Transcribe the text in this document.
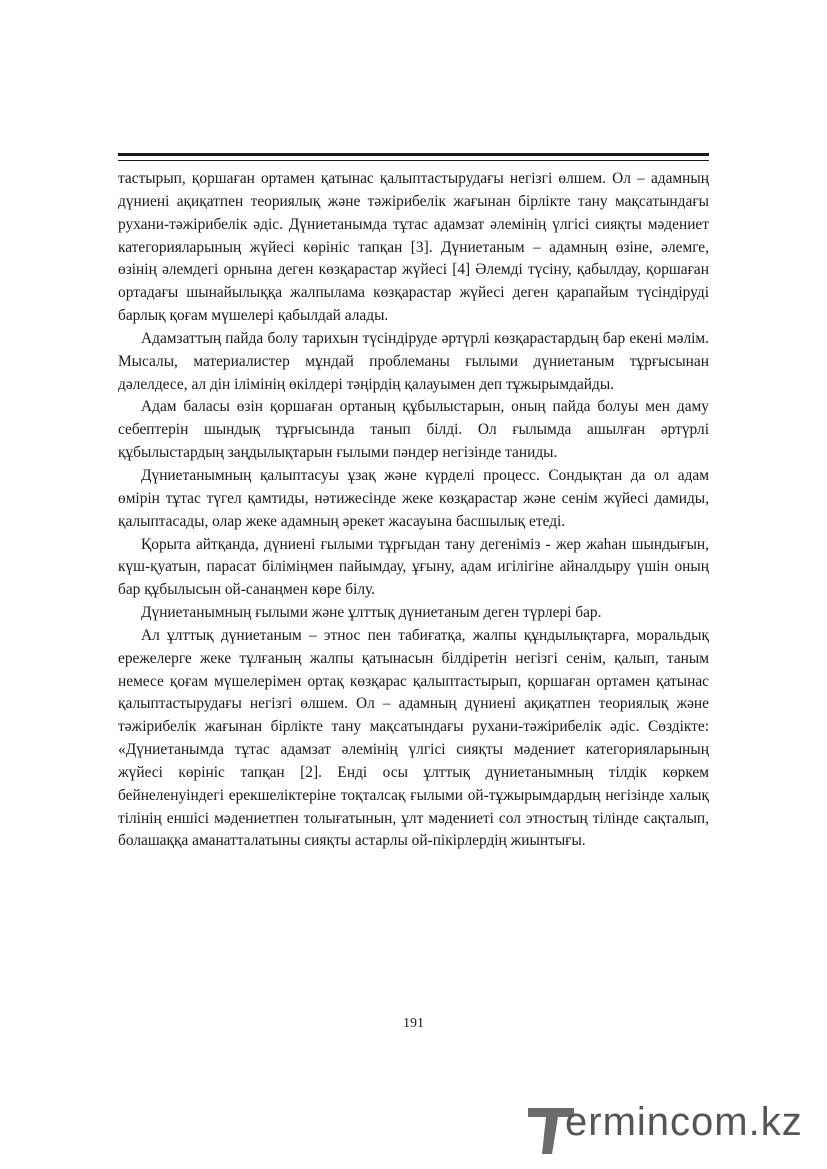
тастырып, қоршаған ортамен қатынас қалыптастырудағы негізгі өлшем. Ол – адамның дүниені ақиқатпен теориялық және тәжірибелік жағынан бірлікте тану мақсатындағы рухани-тәжірибелік әдіс. Дүниетанымда тұтас адамзат әлемінің үлгісі сияқты мәдениет категорияларының жүйесі көрініс тапқан [3]. Дүниетаным – адамның өзіне, әлемге, өзінің әлемдегі орнына деген көзқарастар жүйесі [4] Әлемді түсіну, қабылдау, қоршаған ортадағы шынайылыққа жалпылама көзқарастар жүйесі деген қарапайым түсіндіруді барлық қоғам мүшелері қабылдай алады.

Адамзаттың пайда болу тарихын түсіндіруде әртүрлі көзқарастардың бар екені мәлім. Мысалы, материалистер мұндай проблеманы ғылыми дүниетаным тұрғысынан дәлелдесе, ал дін ілімінің өкілдері тәңірдің қалауымен деп тұжырымдайды.

Адам баласы өзін қоршаған ортаның құбылыстарын, оның пайда болуы мен даму себептерін шындық тұрғысында танып білді. Ол ғылымда ашылған әртүрлі құбылыстардың заңдылықтарын ғылыми пәндер негізінде таниды.

Дүниетанымның қалыптасуы ұзақ және күрделі процесс. Сондықтан да ол адам өмірін тұтас түгел қамтиды, нәтижесінде жеке көзқарастар және сенім жүйесі дамиды, қалыптасады, олар жеке адамның әрекет жасауына басшылық етеді.

Қорыта айтқанда, дүниені ғылыми тұрғыдан тану дегеніміз - жер жаһан шындығын, күш-қуатын, парасат біліміңмен пайымдау, ұғыну, адам игілігіне айналдыру үшін оның бар құбылысын ой-санаңмен көре білу.

Дүниетанымның ғылыми және ұлттық дүниетаным деген түрлері бар.

Ал ұлттық дүниетаным – этнос пен табиғатқа, жалпы құндылықтарға, моральдық ережелерге жеке тұлғаның жалпы қатынасын білдіретін негізгі сенім, қалып, таным немесе қоғам мүшелерімен ортақ көзқарас қалыптастырып, қоршаған ортамен қатынас қалыптастырудағы негізгі өлшем. Ол – адамның дүниені ақиқатпен теориялық және тәжірибелік жағынан бірлікте тану мақсатындағы рухани-тәжірибелік әдіс. Сөздікте: «Дүниетанымда тұтас адамзат әлемінің үлгісі сияқты мәдениет категорияларының жүйесі көрініс тапқан [2]. Енді осы ұлттық дүниетанымның тілдік көркем бейнеленуіндегі ерекшеліктеріне тоқталсақ ғылыми ой-тұжырымдардың негізінде халық тілінің еншісі мәдениетпен толығатынын, ұлт мәдениеті сол этностың тілінде сақталып, болашаққа аманатталатыны сияқты астарлы ой-пікірлердің жиынтығы.

191
ermincom.kz
